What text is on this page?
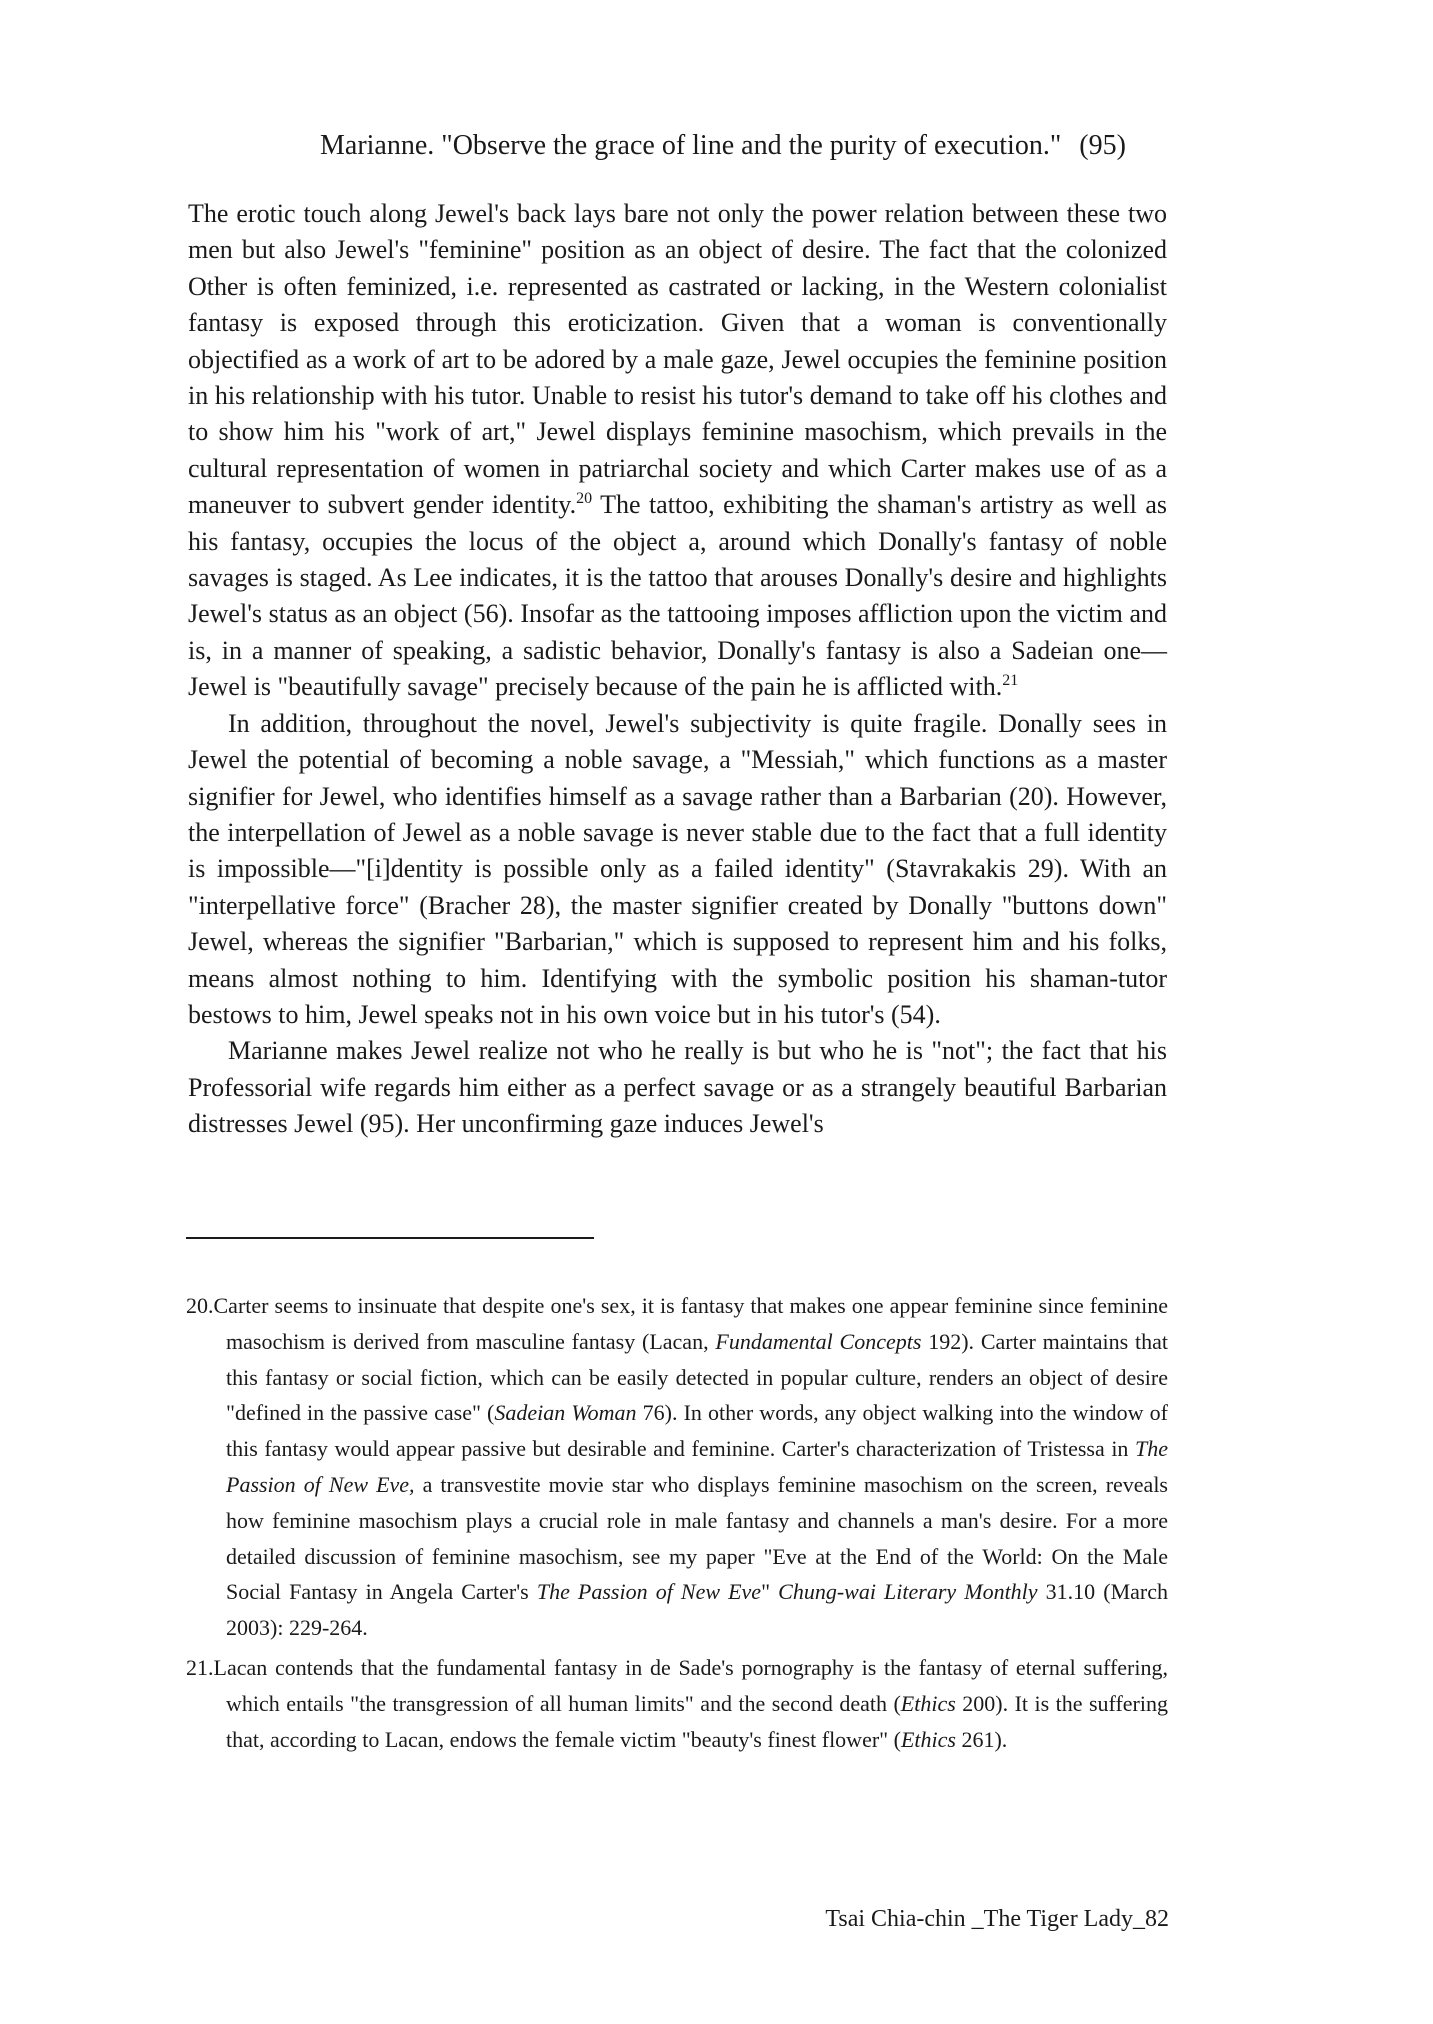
Marianne. "Observe the grace of line and the purity of execution." (95)

The erotic touch along Jewel's back lays bare not only the power relation between these two men but also Jewel's "feminine" position as an object of desire. The fact that the colonized Other is often feminized, i.e. represented as castrated or lacking, in the Western colonialist fantasy is exposed through this eroticization. Given that a woman is conventionally objectified as a work of art to be adored by a male gaze, Jewel occupies the feminine position in his relationship with his tutor. Unable to resist his tutor's demand to take off his clothes and to show him his "work of art," Jewel displays feminine masochism, which prevails in the cultural representation of women in patriarchal society and which Carter makes use of as a maneuver to subvert gender identity.$^{20}$ The tattoo, exhibiting the shaman's artistry as well as his fantasy, occupies the locus of the object a, around which Donally's fantasy of noble savages is staged. As Lee indicates, it is the tattoo that arouses Donally's desire and highlights Jewel's status as an object (56). Insofar as the tattooing imposes affliction upon the victim and is, in a manner of speaking, a sadistic behavior, Donally's fantasy is also a Sadeian one—Jewel is "beautifully savage" precisely because of the pain he is afflicted with.$^{21}$

In addition, throughout the novel, Jewel's subjectivity is quite fragile. Donally sees in Jewel the potential of becoming a noble savage, a "Messiah," which functions as a master signifier for Jewel, who identifies himself as a savage rather than a Barbarian (20). However, the interpellation of Jewel as a noble savage is never stable due to the fact that a full identity is impossible—"[i]dentity is possible only as a failed identity" (Stavrakakis 29). With an "interpellative force" (Bracher 28), the master signifier created by Donally "buttons down" Jewel, whereas the signifier "Barbarian," which is supposed to represent him and his folks, means almost nothing to him. Identifying with the symbolic position his shaman-tutor bestows to him, Jewel speaks not in his own voice but in his tutor's (54).

Marianne makes Jewel realize not who he really is but who he is "not"; the fact that his Professorial wife regards him either as a perfect savage or as a strangely beautiful Barbarian distresses Jewel (95). Her unconfirming gaze induces Jewel's

20.Carter seems to insinuate that despite one's sex, it is fantasy that makes one appear feminine since feminine masochism is derived from masculine fantasy (Lacan, Fundamental Concepts 192). Carter maintains that this fantasy or social fiction, which can be easily detected in popular culture, renders an object of desire "defined in the passive case" (Sadeian Woman 76). In other words, any object walking into the window of this fantasy would appear passive but desirable and feminine. Carter's characterization of Tristessa in The Passion of New Eve, a transvestite movie star who displays feminine masochism on the screen, reveals how feminine masochism plays a crucial role in male fantasy and channels a man's desire. For a more detailed discussion of feminine masochism, see my paper "Eve at the End of the World: On the Male Social Fantasy in Angela Carter's The Passion of New Eve" Chung-wai Literary Monthly 31.10 (March 2003): 229-264.

21.Lacan contends that the fundamental fantasy in de Sade's pornography is the fantasy of eternal suffering, which entails "the transgression of all human limits" and the second death (Ethics 200). It is the suffering that, according to Lacan, endows the female victim "beauty's finest flower" (Ethics 261).

Tsai Chia-chin _The Tiger Lady_82
